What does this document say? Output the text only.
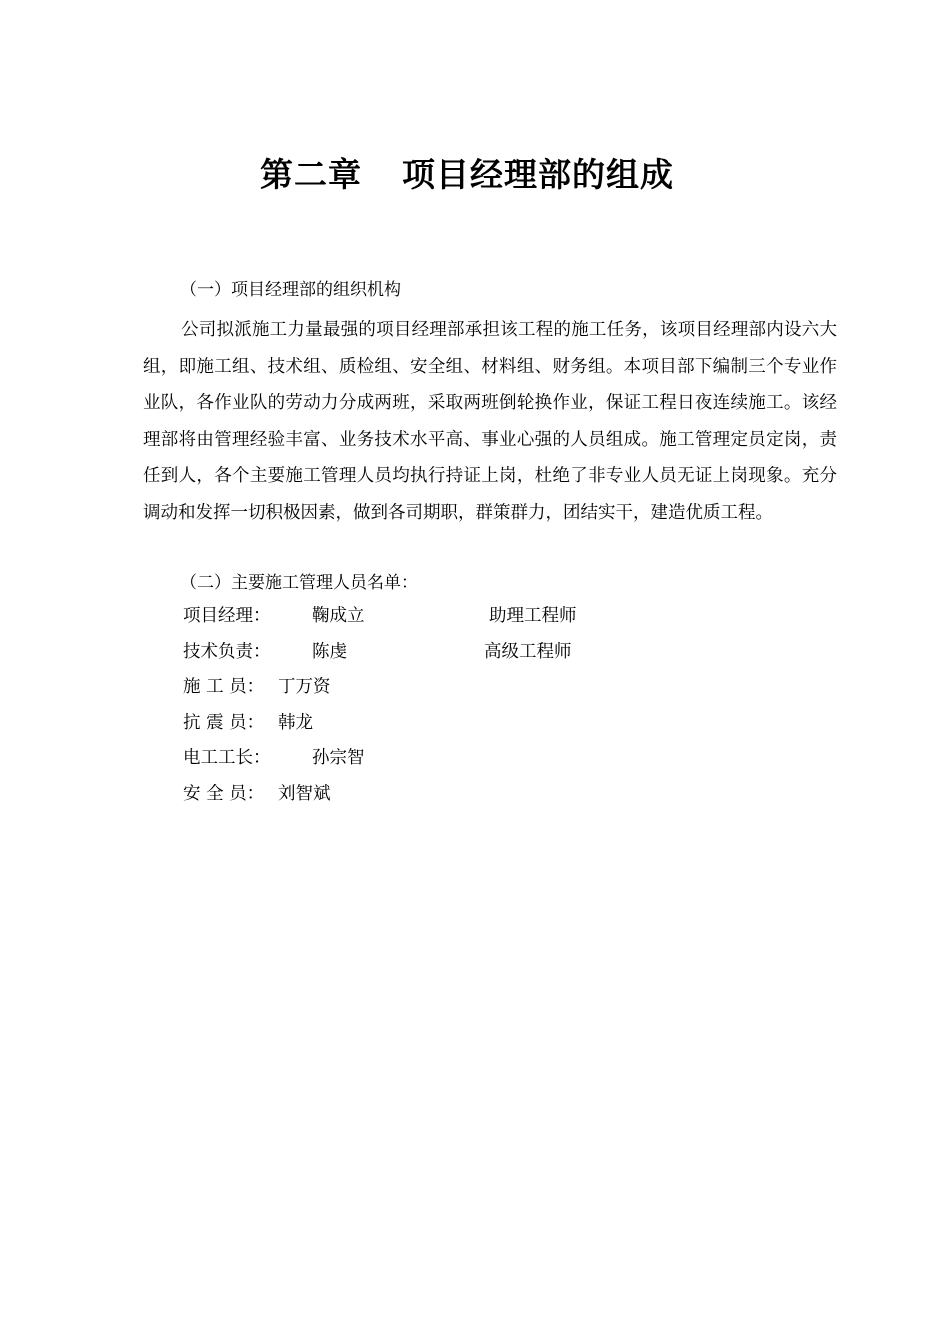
第二章 项目经理部的组成
（一）项目经理部的组织机构

公司拟派施工力量最强的项目经理部承担该工程的施工任务，该项目经理部内设六大组，即施工组、技术组、质检组、安全组、材料组、财务组。本项目部下编制三个专业作业队，各作业队的劳动力分成两班，采取两班倒轮换作业，保证工程日夜连续施工。该经理部将由管理经验丰富、业务技术水平高、事业心强的人员组成。施工管理定员定岗，责任到人，各个主要施工管理人员均执行持证上岗，杜绝了非专业人员无证上岗现象。充分调动和发挥一切积极因素，做到各司期职，群策群力，团结实干，建造优质工程。

（二）主要施工管理人员名单：
项目经理： 鞠成立	助理工程师
技术负责： 陈虔	高级工程师
施 工 员： 丁万资
抗 震 员： 韩龙
电工工长： 孙宗智
安 全 员： 刘智斌
